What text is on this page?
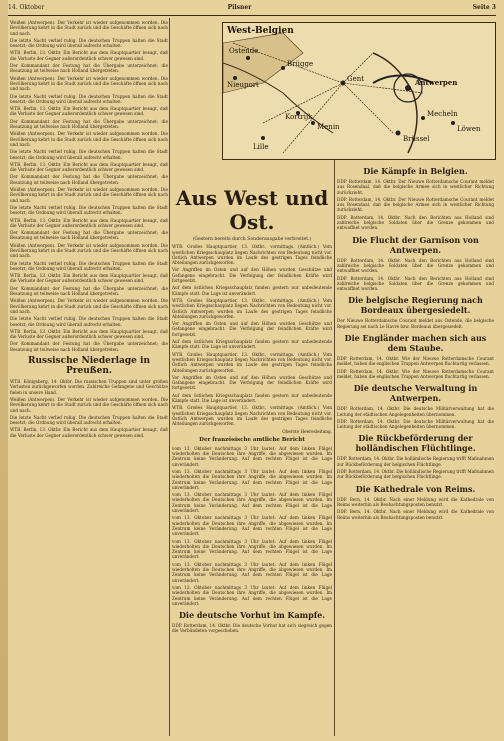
14. Oktober	Pilsner	Seite 3

Weißen (Antwerpen). Der Verkehr ist wieder aufgenommen worden. Die Bevölkerung kehrt in die Stadt zurück und die Geschäfte öffnen sich nach und nach.

Die letzte Nacht verlief ruhig. Die deutschen Truppen halten die Stadt besetzt; die Ordnung wird überall aufrecht erhalten.

WTB. Berlin, 13. Oktbr. Ein Bericht aus dem Hauptquartier besagt, daß die Verluste der Gegner außerordentlich schwer gewesen sind.

Der Kommandant der Festung hat die Übergabe unterzeichnet; die Besatzung ist teilweise nach Holland übergetreten.

Weißen (Antwerpen). Der Verkehr ist wieder aufgenommen worden. Die Bevölkerung kehrt in die Stadt zurück und die Geschäfte öffnen sich nach und nach.

Die letzte Nacht verlief ruhig. Die deutschen Truppen halten die Stadt besetzt; die Ordnung wird überall aufrecht erhalten.

WTB. Berlin, 13. Oktbr. Ein Bericht aus dem Hauptquartier besagt, daß die Verluste der Gegner außerordentlich schwer gewesen sind.

Der Kommandant der Festung hat die Übergabe unterzeichnet; die Besatzung ist teilweise nach Holland übergetreten.

Weißen (Antwerpen). Der Verkehr ist wieder aufgenommen worden. Die Bevölkerung kehrt in die Stadt zurück und die Geschäfte öffnen sich nach und nach.

Die letzte Nacht verlief ruhig. Die deutschen Truppen halten die Stadt besetzt; die Ordnung wird überall aufrecht erhalten.

WTB. Berlin, 13. Oktbr. Ein Bericht aus dem Hauptquartier besagt, daß die Verluste der Gegner außerordentlich schwer gewesen sind.

Der Kommandant der Festung hat die Übergabe unterzeichnet; die Besatzung ist teilweise nach Holland übergetreten.

Weißen (Antwerpen). Der Verkehr ist wieder aufgenommen worden. Die Bevölkerung kehrt in die Stadt zurück und die Geschäfte öffnen sich nach und nach.

Die letzte Nacht verlief ruhig. Die deutschen Truppen halten die Stadt besetzt; die Ordnung wird überall aufrecht erhalten.

WTB. Berlin, 13. Oktbr. Ein Bericht aus dem Hauptquartier besagt, daß die Verluste der Gegner außerordentlich schwer gewesen sind.

Der Kommandant der Festung hat die Übergabe unterzeichnet; die Besatzung ist teilweise nach Holland übergetreten.

Weißen (Antwerpen). Der Verkehr ist wieder aufgenommen worden. Die Bevölkerung kehrt in die Stadt zurück und die Geschäfte öffnen sich nach und nach.

Die letzte Nacht verlief ruhig. Die deutschen Truppen halten die Stadt besetzt; die Ordnung wird überall aufrecht erhalten.

WTB. Berlin, 13. Oktbr. Ein Bericht aus dem Hauptquartier besagt, daß die Verluste der Gegner außerordentlich schwer gewesen sind.

Der Kommandant der Festung hat die Übergabe unterzeichnet; die Besatzung ist teilweise nach Holland übergetreten.

Weißen (Antwerpen). Der Verkehr ist wieder aufgenommen worden. Die Bevölkerung kehrt in die Stadt zurück und die Geschäfte öffnen sich nach und nach.

Die letzte Nacht verlief ruhig. Die deutschen Truppen halten die Stadt besetzt; die Ordnung wird überall aufrecht erhalten.

WTB. Berlin, 13. Oktbr. Ein Bericht aus dem Hauptquartier besagt, daß die Verluste der Gegner außerordentlich schwer gewesen sind.

Der Kommandant der Festung hat die Übergabe unterzeichnet; die Besatzung ist teilweise nach Holland übergetreten.

Russische Niederlage in Preußen.

WTB. Königsberg, 14. Oktbr. Die russischen Truppen sind unter großen Verlusten zurückgeworfen worden. Zahlreiche Gefangene und Geschütze fielen in unsere Hand.

Weißen (Antwerpen). Der Verkehr ist wieder aufgenommen worden. Die Bevölkerung kehrt in die Stadt zurück und die Geschäfte öffnen sich nach und nach.

Die letzte Nacht verlief ruhig. Die deutschen Truppen halten die Stadt besetzt; die Ordnung wird überall aufrecht erhalten.

WTB. Berlin, 13. Oktbr. Ein Bericht aus dem Hauptquartier besagt, daß die Verluste der Gegner außerordentlich schwer gewesen sind.

West-Belgien
Antwerpen
Gent
Brügge
Ostende
Brüssel
Lille
Mecheln
Löwen
Menin
Kortrijk
Nieuport
Aus West und Ost.

(Gestern bereits durch Sonderausgabe verbreitet.)

WTB. Großes Hauptquartier, 13. Oktbr., vormittags. (Amtlich.) Vom westlichen Kriegsschauplatz liegen Nachrichten von Bedeutung nicht vor. Östlich Antwerpen wurden im Laufe des gestrigen Tages feindliche Abteilungen zurückgeworfen.

Vor Angriffen im Osten und auf den Höhen wurden Geschütze und Gefangene eingebracht. Die Verfolgung der feindlichen Kräfte wird fortgesetzt.

Auf dem östlichen Kriegsschauplatz fanden gestern nur unbedeutende Kämpfe statt. Die Lage ist unverändert.

WTB. Großes Hauptquartier, 13. Oktbr., vormittags. (Amtlich.) Vom westlichen Kriegsschauplatz liegen Nachrichten von Bedeutung nicht vor. Östlich Antwerpen wurden im Laufe des gestrigen Tages feindliche Abteilungen zurückgeworfen.

Vor Angriffen im Osten und auf den Höhen wurden Geschütze und Gefangene eingebracht. Die Verfolgung der feindlichen Kräfte wird fortgesetzt.

Auf dem östlichen Kriegsschauplatz fanden gestern nur unbedeutende Kämpfe statt. Die Lage ist unverändert.

WTB. Großes Hauptquartier, 13. Oktbr., vormittags. (Amtlich.) Vom westlichen Kriegsschauplatz liegen Nachrichten von Bedeutung nicht vor. Östlich Antwerpen wurden im Laufe des gestrigen Tages feindliche Abteilungen zurückgeworfen.

Vor Angriffen im Osten und auf den Höhen wurden Geschütze und Gefangene eingebracht. Die Verfolgung der feindlichen Kräfte wird fortgesetzt.

Auf dem östlichen Kriegsschauplatz fanden gestern nur unbedeutende Kämpfe statt. Die Lage ist unverändert.

WTB. Großes Hauptquartier, 13. Oktbr., vormittags. (Amtlich.) Vom westlichen Kriegsschauplatz liegen Nachrichten von Bedeutung nicht vor. Östlich Antwerpen wurden im Laufe des gestrigen Tages feindliche Abteilungen zurückgeworfen.

Oberste Heeresleitung.

Der französische amtliche Bericht

vom 13. Oktober nachmittags 3 Uhr lautet: Auf dem linken Flügel wiederholten die Deutschen ihre Angriffe, die abgewiesen wurden. Im Zentrum keine Veränderung. Auf dem rechten Flügel ist die Lage unverändert.

vom 13. Oktober nachmittags 3 Uhr lautet: Auf dem linken Flügel wiederholten die Deutschen ihre Angriffe, die abgewiesen wurden. Im Zentrum keine Veränderung. Auf dem rechten Flügel ist die Lage unverändert.

vom 13. Oktober nachmittags 3 Uhr lautet: Auf dem linken Flügel wiederholten die Deutschen ihre Angriffe, die abgewiesen wurden. Im Zentrum keine Veränderung. Auf dem rechten Flügel ist die Lage unverändert.

vom 13. Oktober nachmittags 3 Uhr lautet: Auf dem linken Flügel wiederholten die Deutschen ihre Angriffe, die abgewiesen wurden. Im Zentrum keine Veränderung. Auf dem rechten Flügel ist die Lage unverändert.

vom 13. Oktober nachmittags 3 Uhr lautet: Auf dem linken Flügel wiederholten die Deutschen ihre Angriffe, die abgewiesen wurden. Im Zentrum keine Veränderung. Auf dem rechten Flügel ist die Lage unverändert.

vom 13. Oktober nachmittags 3 Uhr lautet: Auf dem linken Flügel wiederholten die Deutschen ihre Angriffe, die abgewiesen wurden. Im Zentrum keine Veränderung. Auf dem rechten Flügel ist die Lage unverändert.

vom 13. Oktober nachmittags 3 Uhr lautet: Auf dem linken Flügel wiederholten die Deutschen ihre Angriffe, die abgewiesen wurden. Im Zentrum keine Veränderung. Auf dem rechten Flügel ist die Lage unverändert.

Die deutsche Vorhut im Kampfe.

DDP. Rotterdam, 14. Oktbr. Die deutsche Vorhut hat sich siegreich gegen die Verbündeten vorgeschoben.

Die Kämpfe in Belgien.

DDP. Rotterdam, 14. Oktbr. Der Nieuwe Rotterdamsche Courant meldet aus Rosendaal, daß die belgische Armee sich in westlicher Richtung zurückzieht.

DDP. Rotterdam, 14. Oktbr. Der Nieuwe Rotterdamsche Courant meldet aus Rosendaal, daß die belgische Armee sich in westlicher Richtung zurückzieht.

DDP. Rotterdam, 14. Oktbr. Nach den Berichten aus Holland sind zahlreiche belgische Soldaten über die Grenze gekommen und entwaffnet worden.

Die Flucht der Garnison von Antwerpen.

DDP. Rotterdam, 14. Oktbr. Nach den Berichten aus Holland sind zahlreiche belgische Soldaten über die Grenze gekommen und entwaffnet worden.

DDP. Rotterdam, 14. Oktbr. Nach den Berichten aus Holland sind zahlreiche belgische Soldaten über die Grenze gekommen und entwaffnet worden.

Die belgische Regierung nach Bordeaux übergesiedelt.

Der Nieuwe Rotterdamsche Courant meldet aus Ostende, die belgische Regierung sei nach Le Havre bzw. Bordeaux übergesiedelt.

Die Engländer machen sich aus dem Staube.

DDP. Rotterdam, 14. Oktbr. Wie der Nieuwe Rotterdamsche Courant meldet, haben die englischen Truppen Antwerpen fluchtartig verlassen.

DDP. Rotterdam, 14. Oktbr. Wie der Nieuwe Rotterdamsche Courant meldet, haben die englischen Truppen Antwerpen fluchtartig verlassen.

Die deutsche Verwaltung in Antwerpen.

DDP. Rotterdam, 14. Oktbr. Die deutsche Militärverwaltung hat die Leitung der städtischen Angelegenheiten übernommen.

DDP. Rotterdam, 14. Oktbr. Die deutsche Militärverwaltung hat die Leitung der städtischen Angelegenheiten übernommen.

Die Rückbeförderung der holländischen Flüchtlinge.

DDP. Rotterdam, 14. Oktbr. Die holländische Regierung trifft Maßnahmen zur Rückbeförderung der belgischen Flüchtlinge.

DDP. Rotterdam, 14. Oktbr. Die holländische Regierung trifft Maßnahmen zur Rückbeförderung der belgischen Flüchtlinge.

Die Kathedrale von Reims.

DDP. Bern, 14. Oktbr. Nach einer Meldung wird die Kathedrale von Reims weiterhin als Beobachtungsposten benutzt.

DDP. Bern, 14. Oktbr. Nach einer Meldung wird die Kathedrale von Reims weiterhin als Beobachtungsposten benutzt.
